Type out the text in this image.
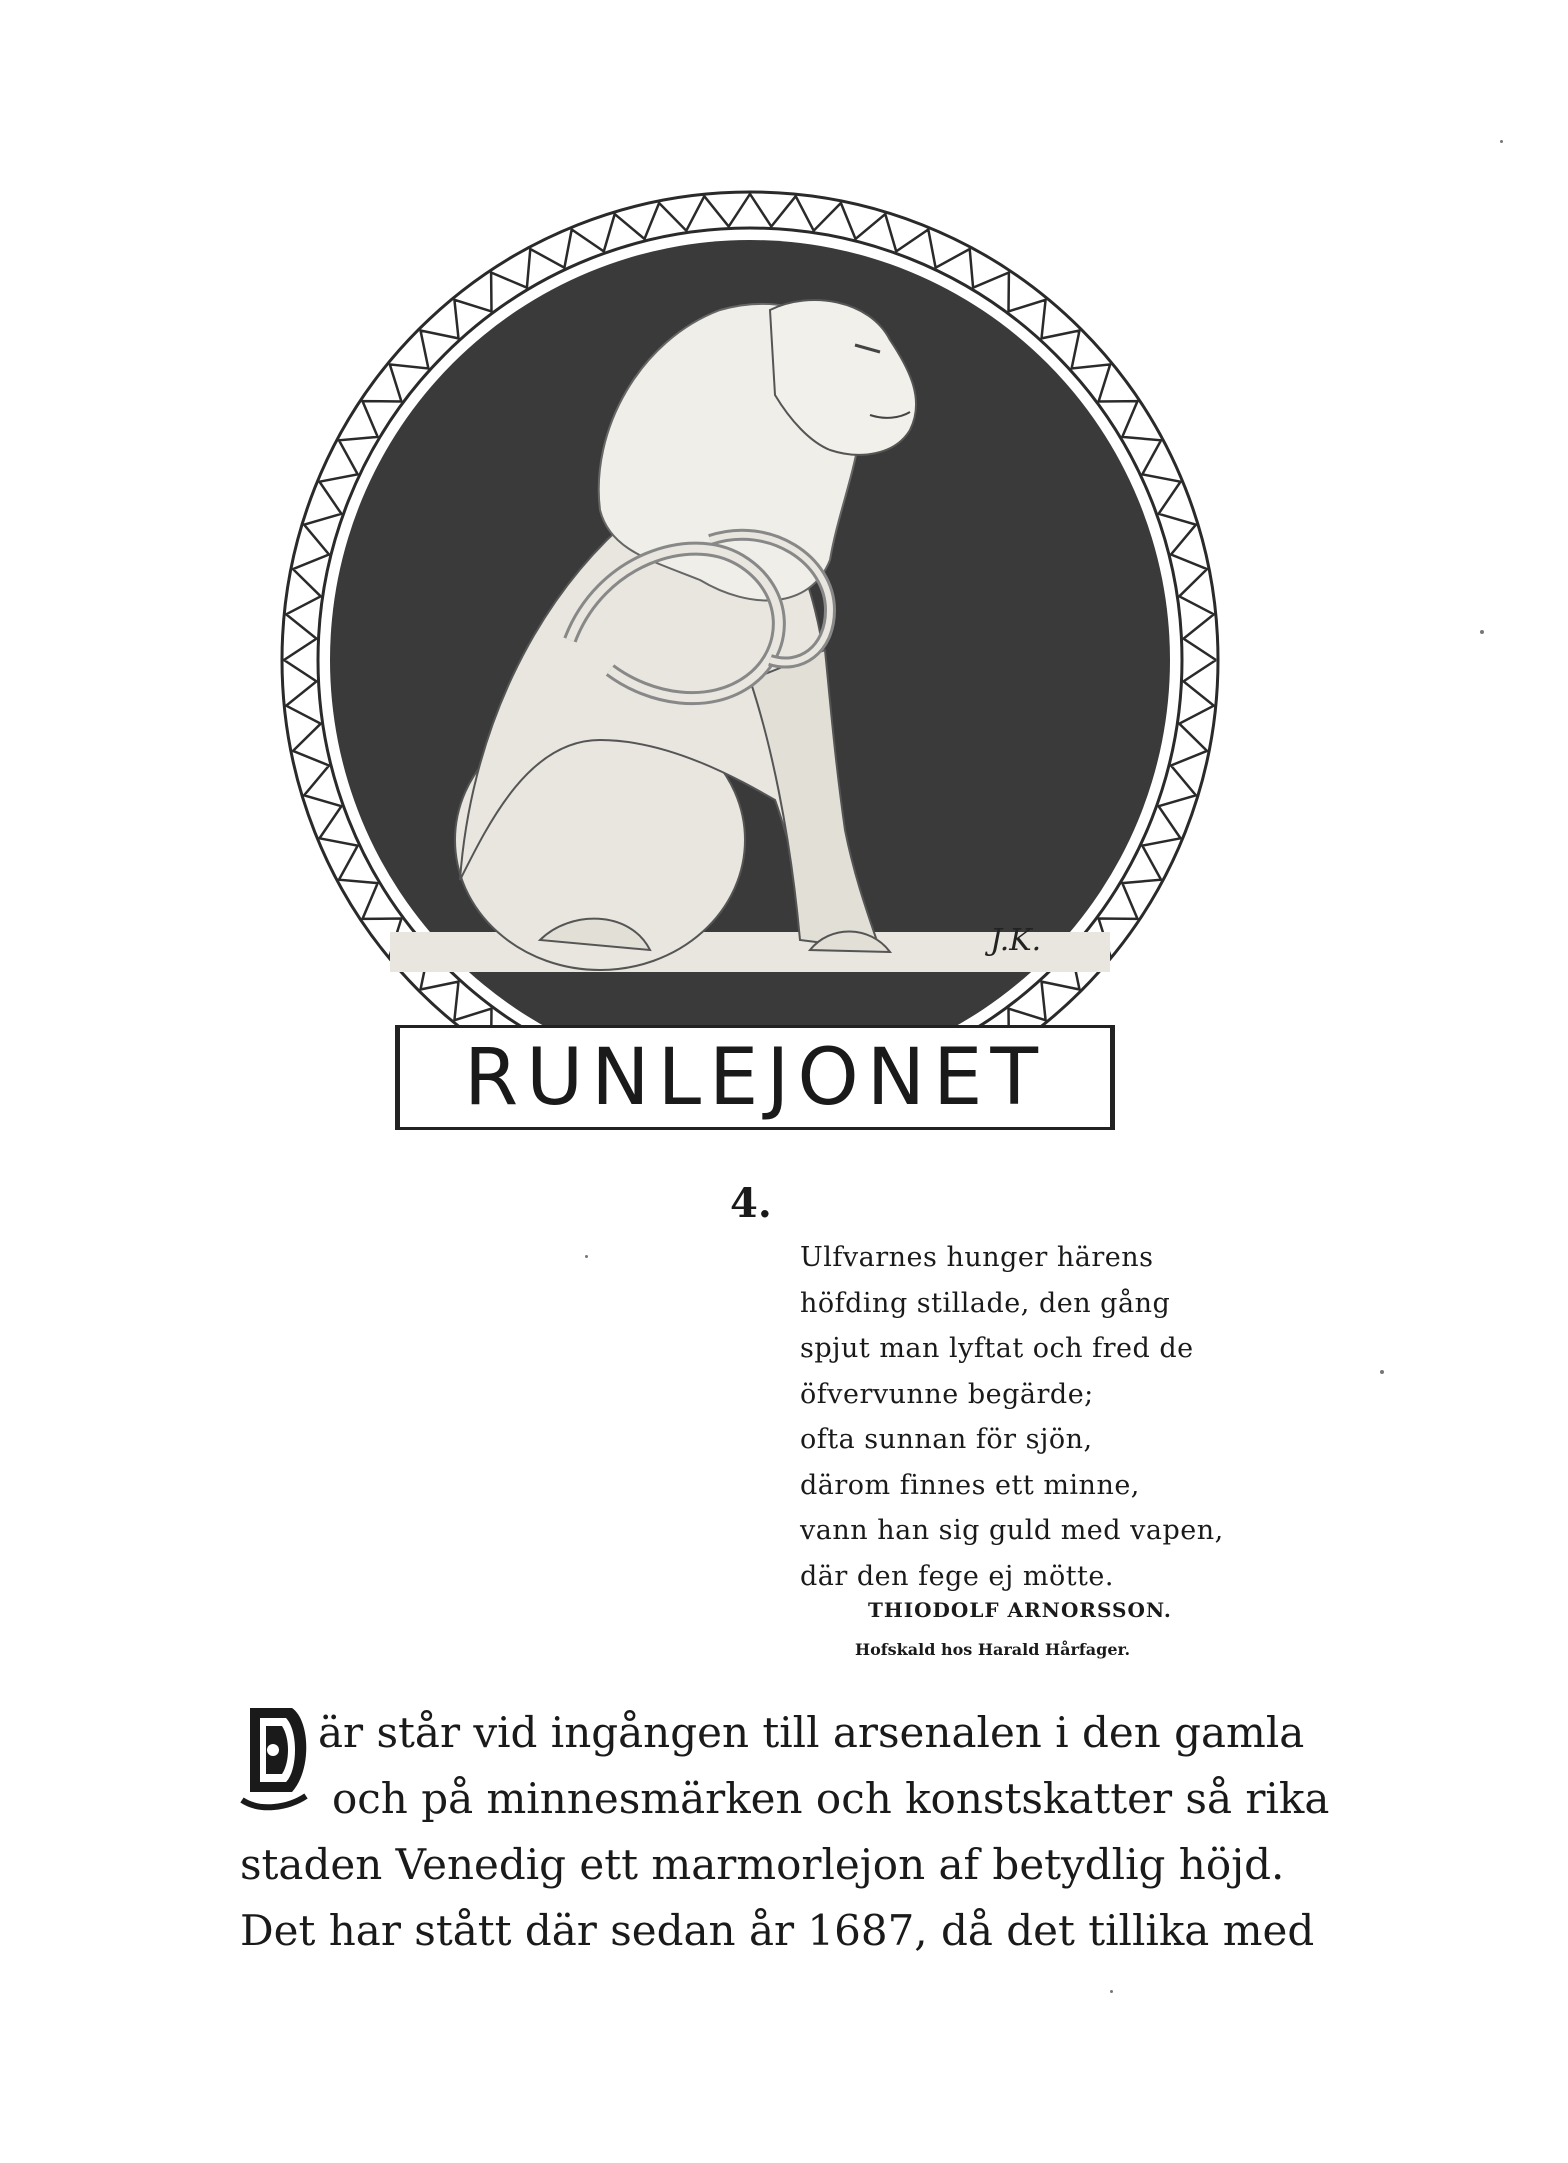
J.K.
RUNLEJONET
4.
Ulfvarnes hunger härens
höfding stillade, den gång
spjut man lyftat och fred de
öfvervunne begärde;
ofta sunnan för sjön,
därom finnes ett minne,
vann han sig guld med vapen,
där den fege ej mötte.
THIODOLF ARNORSSON.
Hofskald hos Harald Hårfager.
D
är står vid ingången till arsenalen i den gamla
och på minnesmärken och konstskatter så rika
staden Venedig ett marmorlejon af betydlig höjd.
Det har stått där sedan år 1687, då det tillika med
